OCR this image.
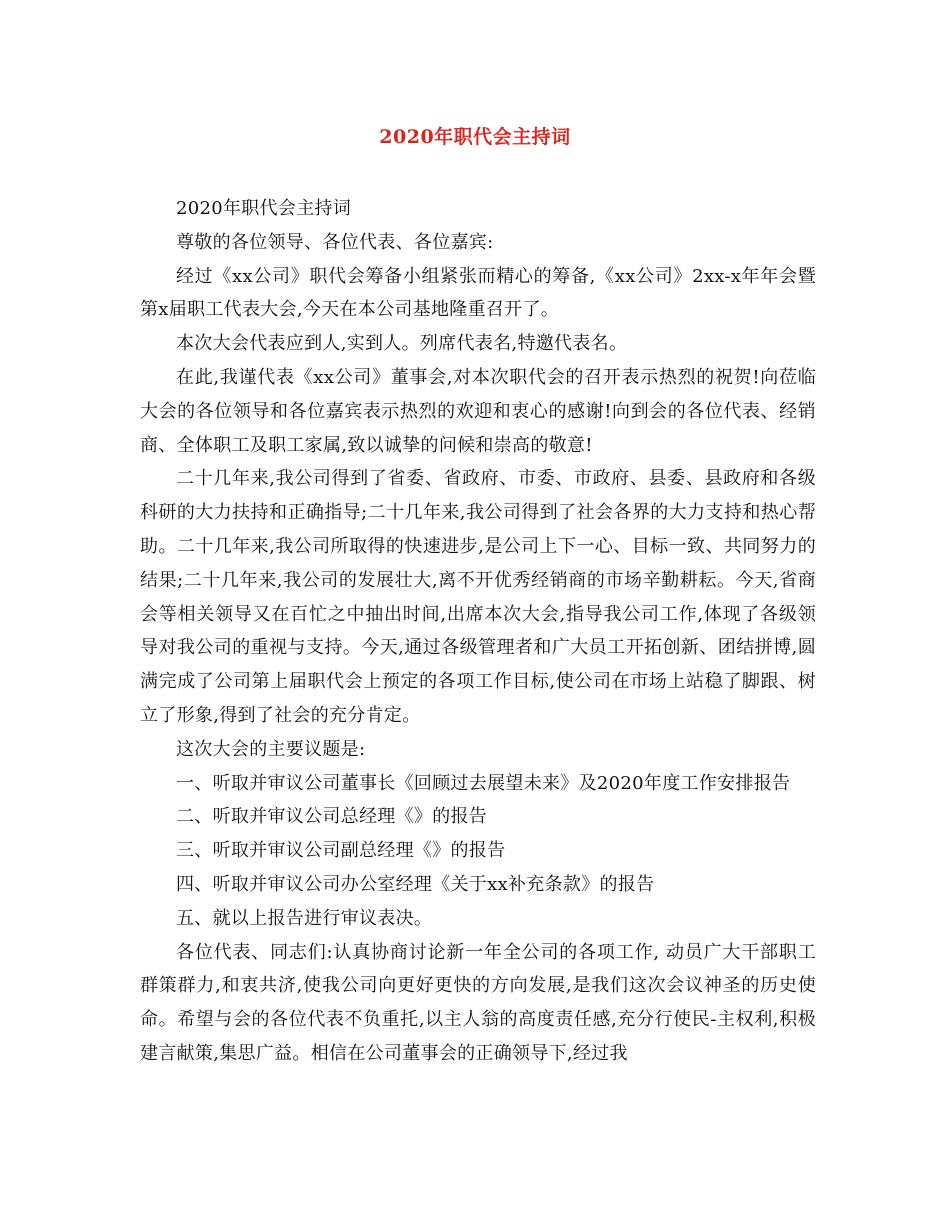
2020年职代会主持词

2020年职代会主持词

尊敬的各位领导、各位代表、各位嘉宾:

经过《xx公司》职代会筹备小组紧张而精心的筹备,《xx公司》2xx-x年年会暨第x届职工代表大会,今天在本公司基地隆重召开了。

本次大会代表应到人,实到人。列席代表名,特邀代表名。

在此,我谨代表《xx公司》董事会,对本次职代会的召开表示热烈的祝贺!向莅临大会的各位领导和各位嘉宾表示热烈的欢迎和衷心的感谢!向到会的各位代表、经销商、全体职工及职工家属,致以诚挚的问候和崇高的敬意!

二十几年来,我公司得到了省委、省政府、市委、市政府、县委、县政府和各级科研的大力扶持和正确指导;二十几年来,我公司得到了社会各界的大力支持和热心帮助。二十几年来,我公司所取得的快速进步,是公司上下一心、目标一致、共同努力的结果;二十几年来,我公司的发展壮大,离不开优秀经销商的市场辛勤耕耘。今天,省商会等相关领导又在百忙之中抽出时间,出席本次大会,指导我公司工作,体现了各级领导对我公司的重视与支持。今天,通过各级管理者和广大员工开拓创新、团结拼博,圆满完成了公司第上届职代会上预定的各项工作目标,使公司在市场上站稳了脚跟、树立了形象,得到了社会的充分肯定。

这次大会的主要议题是:

一、听取并审议公司董事长《回顾过去展望未来》及2020年度工作安排报告

二、听取并审议公司总经理《》的报告

三、听取并审议公司副总经理《》的报告

四、听取并审议公司办公室经理《关于xx补充条款》的报告

五、就以上报告进行审议表决。

各位代表、同志们:认真协商讨论新一年全公司的各项工作, 动员广大干部职工群策群力,和衷共济,使我公司向更好更快的方向发展,是我们这次会议神圣的历史使命。希望与会的各位代表不负重托,以主人翁的高度责任感,充分行使民-主权利,积极建言献策,集思广益。相信在公司董事会的正确领导下,经过我
